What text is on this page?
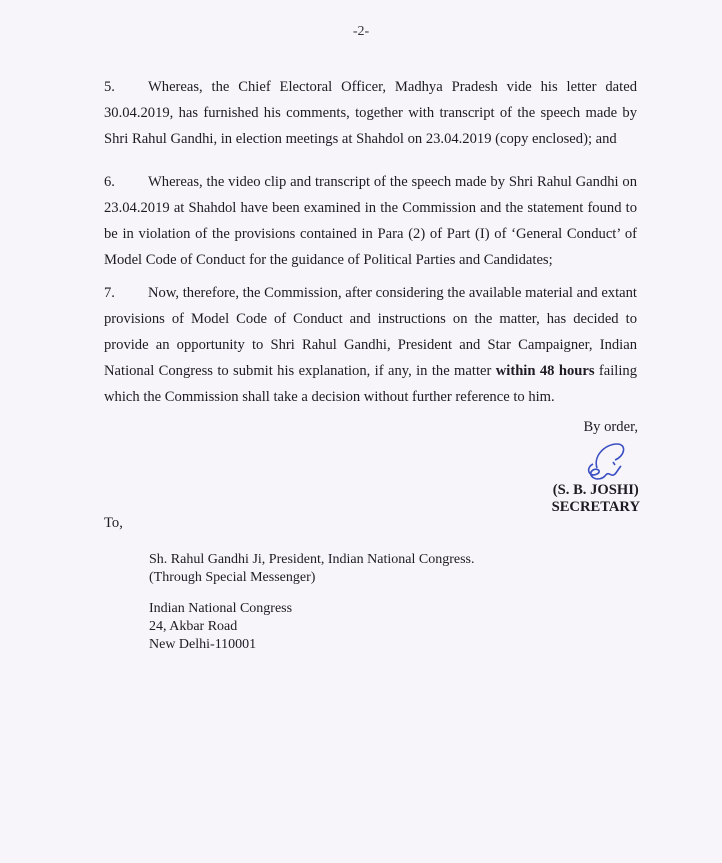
-2-
5. Whereas, the Chief Electoral Officer, Madhya Pradesh vide his letter dated 30.04.2019, has furnished his comments, together with transcript of the speech made by Shri Rahul Gandhi, in election meetings at Shahdol on 23.04.2019 (copy enclosed); and
6. Whereas, the video clip and transcript of the speech made by Shri Rahul Gandhi on 23.04.2019 at Shahdol have been examined in the Commission and the statement found to be in violation of the provisions contained in Para (2) of Part (I) of ‘General Conduct’ of Model Code of Conduct for the guidance of Political Parties and Candidates;
7. Now, therefore, the Commission, after considering the available material and extant provisions of Model Code of Conduct and instructions on the matter, has decided to provide an opportunity to Shri Rahul Gandhi, President and Star Campaigner, Indian National Congress to submit his explanation, if any, in the matter within 48 hours failing which the Commission shall take a decision without further reference to him.
By order,
(S. B. JOSHI)
SECRETARY
To,
Sh. Rahul Gandhi Ji, President, Indian National Congress.
(Through Special Messenger)
Indian National Congress
24, Akbar Road
New Delhi-110001
